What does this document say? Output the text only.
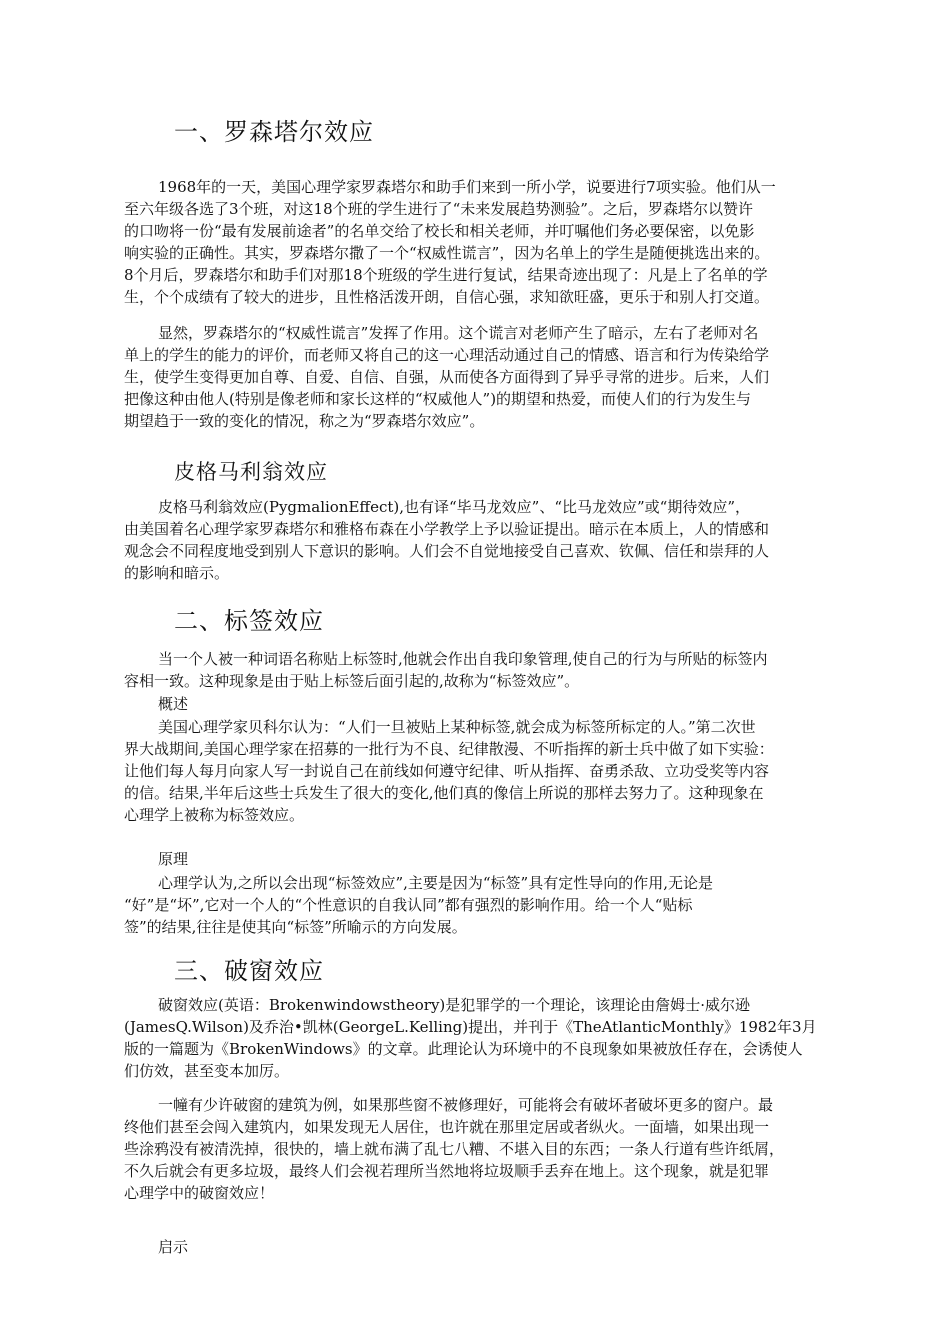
一、罗森塔尔效应
1968年的一天，美国心理学家罗森塔尔和助手们来到一所小学，说要进行7项实验。他们从一
至六年级各选了3个班，对这18个班的学生进行了“未来发展趋势测验”。之后，罗森塔尔以赞许
的口吻将一份“最有发展前途者”的名单交给了校长和相关老师，并叮嘱他们务必要保密，以免影
响实验的正确性。其实，罗森塔尔撒了一个“权威性谎言”，因为名单上的学生是随便挑选出来的。
8个月后，罗森塔尔和助手们对那18个班级的学生进行复试，结果奇迹出现了：凡是上了名单的学
生，个个成绩有了较大的进步，且性格活泼开朗，自信心强，求知欲旺盛，更乐于和别人打交道。
显然，罗森塔尔的“权威性谎言”发挥了作用。这个谎言对老师产生了暗示，左右了老师对名
单上的学生的能力的评价，而老师又将自己的这一心理活动通过自己的情感、语言和行为传染给学
生，使学生变得更加自尊、自爱、自信、自强，从而使各方面得到了异乎寻常的进步。后来，人们
把像这种由他人(特别是像老师和家长这样的“权威他人”)的期望和热爱，而使人们的行为发生与
期望趋于一致的变化的情况，称之为“罗森塔尔效应”。
皮格马利翁效应
皮格马利翁效应(PygmalionEffect),也有译“毕马龙效应”、“比马龙效应”或“期待效应”，
由美国着名心理学家罗森塔尔和雅格布森在小学教学上予以验证提出。暗示在本质上，人的情感和
观念会不同程度地受到别人下意识的影响。人们会不自觉地接受自己喜欢、钦佩、信任和崇拜的人
的影响和暗示。
二、标签效应
当一个人被一种词语名称贴上标签时,他就会作出自我印象管理,使自己的行为与所贴的标签内
容相一致。这种现象是由于贴上标签后面引起的,故称为“标签效应”。

概述

美国心理学家贝科尔认为：“人们一旦被贴上某种标签,就会成为标签所标定的人。”第二次世
界大战期间,美国心理学家在招募的一批行为不良、纪律散漫、不听指挥的新士兵中做了如下实验：
让他们每人每月向家人写一封说自己在前线如何遵守纪律、听从指挥、奋勇杀敌、立功受奖等内容
的信。结果,半年后这些士兵发生了很大的变化,他们真的像信上所说的那样去努力了。这种现象在
心理学上被称为标签效应。

原理

心理学认为,之所以会出现“标签效应”,主要是因为“标签”具有定性导向的作用,无论是
“好”是“坏”,它对一个人的“个性意识的自我认同”都有强烈的影响作用。给一个人“贴标
签”的结果,往往是使其向“标签”所喻示的方向发展。
三、破窗效应
破窗效应(英语：Brokenwindowstheory)是犯罪学的一个理论，该理论由詹姆士·威尔逊
(JamesQ.Wilson)及乔治•凯林(GeorgeL.Kelling)提出，并刊于《TheAtlanticMonthly》1982年3月
版的一篇题为《BrokenWindows》的文章。此理论认为环境中的不良现象如果被放任存在，会诱使人
们仿效，甚至变本加厉。
一幢有少许破窗的建筑为例，如果那些窗不被修理好，可能将会有破坏者破坏更多的窗户。最
终他们甚至会闯入建筑内，如果发现无人居住，也许就在那里定居或者纵火。一面墙，如果出现一
些涂鸦没有被清洗掉，很快的，墙上就布满了乱七八糟、不堪入目的东西；一条人行道有些许纸屑，
不久后就会有更多垃圾，最终人们会视若理所当然地将垃圾顺手丢弃在地上。这个现象，就是犯罪
心理学中的破窗效应！

启示
